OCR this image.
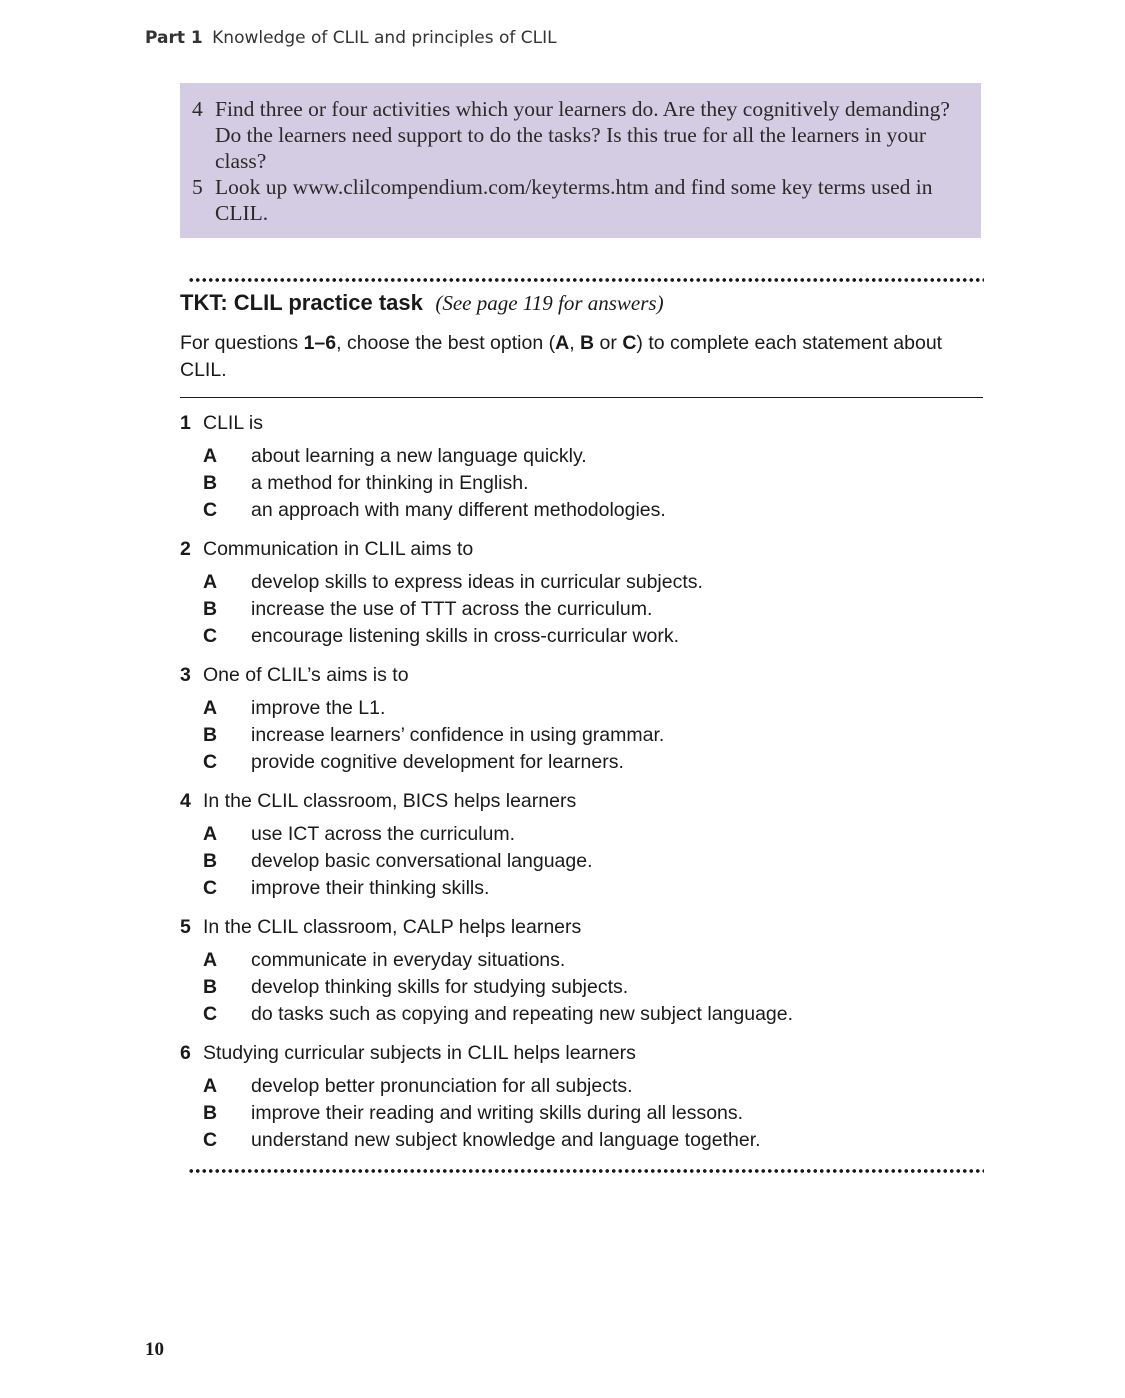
Part 1 Knowledge of CLIL and principles of CLIL
4 Find three or four activities which your learners do. Are they cognitively demanding? Do the learners need support to do the tasks? Is this true for all the learners in your class?
5 Look up www.clilcompendium.com/keyterms.htm and find some key terms used in CLIL.
TKT: CLIL practice task (See page 119 for answers)
For questions 1–6, choose the best option (A, B or C) to complete each statement about CLIL.
1 CLIL is
A about learning a new language quickly.
B a method for thinking in English.
C an approach with many different methodologies.
2 Communication in CLIL aims to
A develop skills to express ideas in curricular subjects.
B increase the use of TTT across the curriculum.
C encourage listening skills in cross-curricular work.
3 One of CLIL’s aims is to
A improve the L1.
B increase learners’ confidence in using grammar.
C provide cognitive development for learners.
4 In the CLIL classroom, BICS helps learners
A use ICT across the curriculum.
B develop basic conversational language.
C improve their thinking skills.
5 In the CLIL classroom, CALP helps learners
A communicate in everyday situations.
B develop thinking skills for studying subjects.
C do tasks such as copying and repeating new subject language.
6 Studying curricular subjects in CLIL helps learners
A develop better pronunciation for all subjects.
B improve their reading and writing skills during all lessons.
C understand new subject knowledge and language together.
10
